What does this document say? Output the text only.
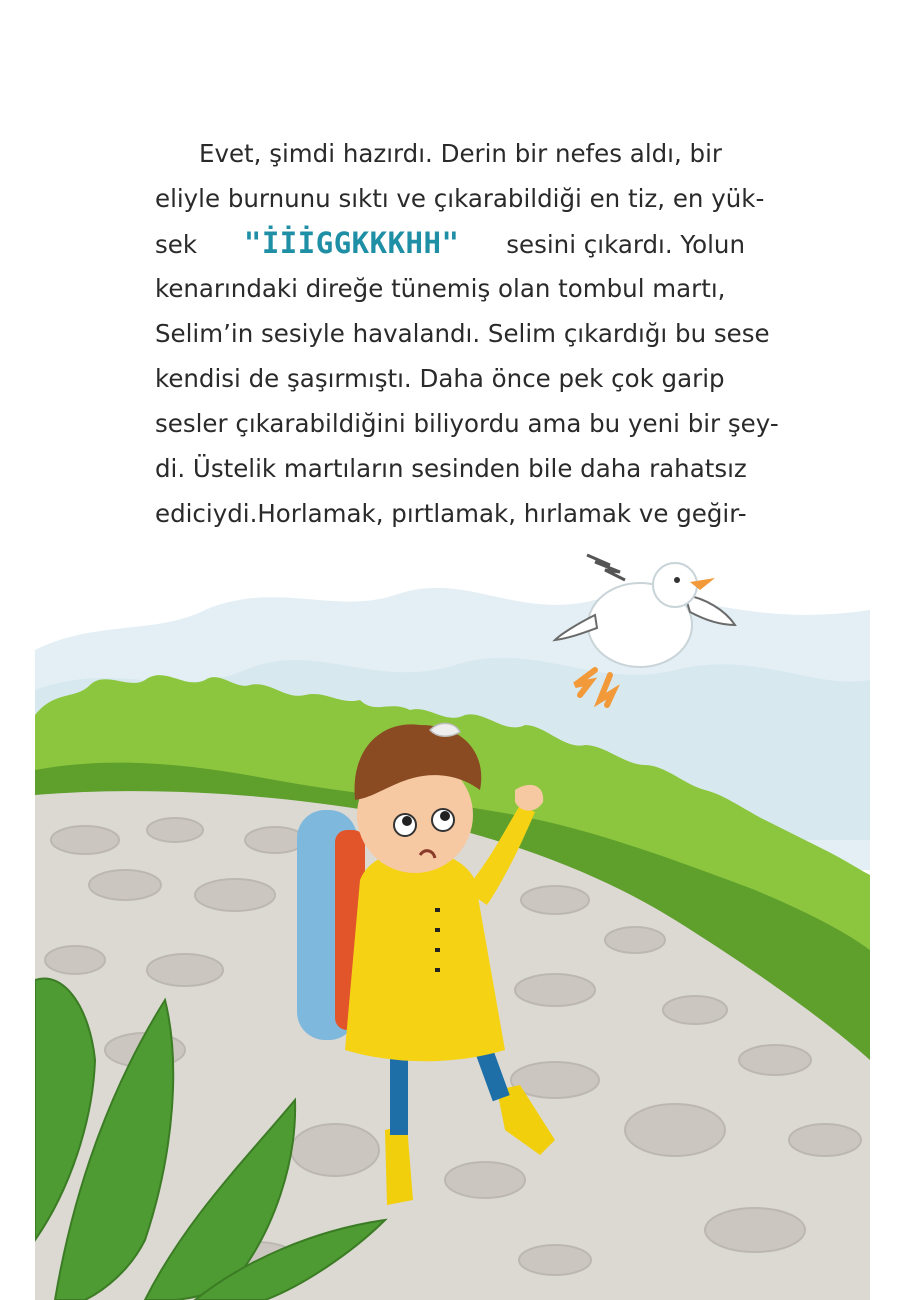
Evet, şimdi hazırdı. Derin bir nefes aldı, bir
eliyle burnunu sıktı ve çıkarabildiği en tiz, en yük-
sek "İİİGGKKKHH" sesini çıkardı. Yolun
kenarındaki direğe tünemiş olan tombul martı,
Selim’in sesiyle havalandı. Selim çıkardığı bu sese
kendisi de şaşırmıştı. Daha önce pek çok garip
sesler çıkarabildiğini biliyordu ama bu yeni bir şey-
di. Üstelik martıların sesinden bile daha rahatsız
ediciydi.Horlamak, pırtlamak, hırlamak ve geğir-
